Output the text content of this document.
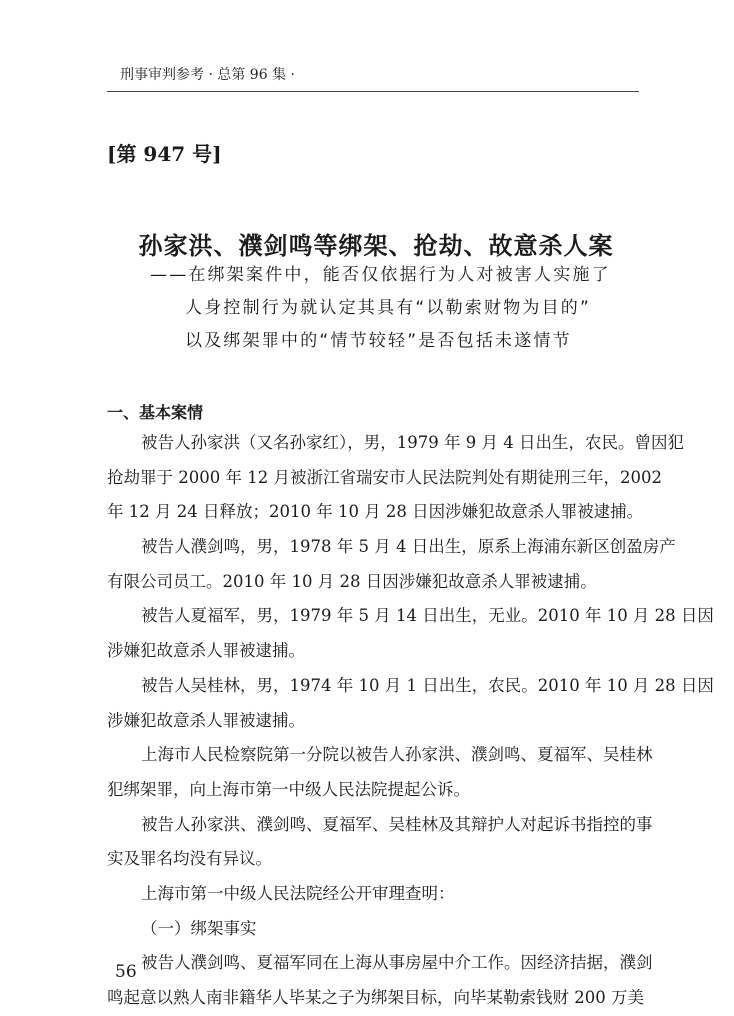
刑事审判参考 · 总第 96 集 ·
[第 947 号]
孙家洪、濮剑鸣等绑架、抢劫、故意杀人案
——在绑架案件中，能否仅依据行为人对被害人实施了
人身控制行为就认定其具有“以勒索财物为目的”
以及绑架罪中的“情节较轻”是否包括未遂情节
一、基本案情
被告人孙家洪（又名孙家红），男，1979 年 9 月 4 日出生，农民。曾因犯
抢劫罪于 2000 年 12 月被浙江省瑞安市人民法院判处有期徒刑三年，2002
年 12 月 24 日释放；2010 年 10 月 28 日因涉嫌犯故意杀人罪被逮捕。
被告人濮剑鸣，男，1978 年 5 月 4 日出生，原系上海浦东新区创盈房产
有限公司员工。2010 年 10 月 28 日因涉嫌犯故意杀人罪被逮捕。
被告人夏福军，男，1979 年 5 月 14 日出生，无业。2010 年 10 月 28 日因
涉嫌犯故意杀人罪被逮捕。
被告人吴桂林，男，1974 年 10 月 1 日出生，农民。2010 年 10 月 28 日因
涉嫌犯故意杀人罪被逮捕。
上海市人民检察院第一分院以被告人孙家洪、濮剑鸣、夏福军、吴桂林
犯绑架罪，向上海市第一中级人民法院提起公诉。
被告人孙家洪、濮剑鸣、夏福军、吴桂林及其辩护人对起诉书指控的事
实及罪名均没有异议。
上海市第一中级人民法院经公开审理查明：
（一）绑架事实
被告人濮剑鸣、夏福军同在上海从事房屋中介工作。因经济拮据，濮剑
鸣起意以熟人南非籍华人毕某之子为绑架目标，向毕某勒索钱财 200 万美
56
